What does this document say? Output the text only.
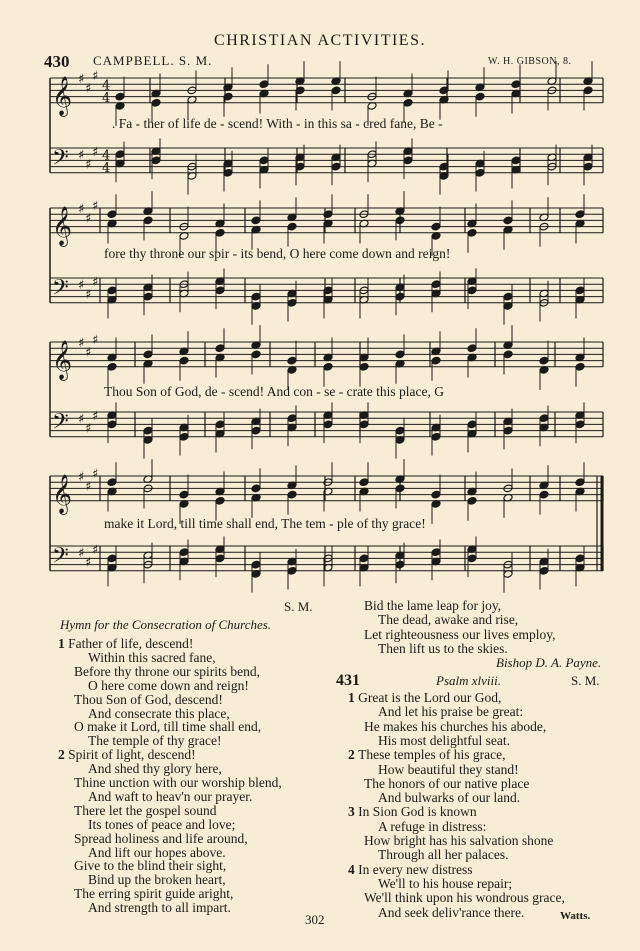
CHRISTIAN ACTIVITIES.
430 CAMPBELL. S. M.	W. H. GIBSON, 8.
𝄞 ♯
♯
♯
4
4
𝄢 ♯
♯
♯ 4
4
𝄞 ♯
♯
♯
𝄢 ♯
♯
♯
𝄞 ♯
♯
♯
𝄢 ♯
♯
♯
𝄞 ♯
♯
♯
𝄢 ♯
♯
♯
. Fa - ther of life de - scend! With - in this sa - cred fane, Be -
fore thy throne our spir - its bend, O here come down and reign!
Thou Son of God, de - scend! And con - se - crate this place, G
make it Lord, till time shall end, The tem - ple of thy grace!
S. M.
Hymn for the Consecration of Churches.
1 Father of life, descend!
Within this sacred fane,
Before thy throne our spirits bend,
O here come down and reign!
Thou Son of God, descend!
And consecrate this place,
O make it Lord, till time shall end,
The temple of thy grace!
2 Spirit of light, descend!
And shed thy glory here,
Thine unction with our worship blend,
And waft to heav'n our prayer.
There let the gospel sound
Its tones of peace and love;
Spread holiness and life around,
And lift our hopes above.
Give to the blind their sight,
Bind up the broken heart,
The erring spirit guide aright,
And strength to all impart.
Bid the lame leap for joy,
The dead, awake and rise,
Let righteousness our lives employ,
Then lift us to the skies.
Bishop D. A. Payne.
431	Psalm xlviii.	S. M.
1 Great is the Lord our God,
And let his praise be great:
He makes his churches his abode,
His most delightful seat.
2 These temples of his grace,
How beautiful they stand!
The honors of our native place
And bulwarks of our land.
3 In Sion God is known
A refuge in distress:
How bright has his salvation shone
Through all her palaces.
4 In every new distress
We'll to his house repair;
We'll think upon his wondrous grace,
And seek deliv'rance there.	Watts.
302
